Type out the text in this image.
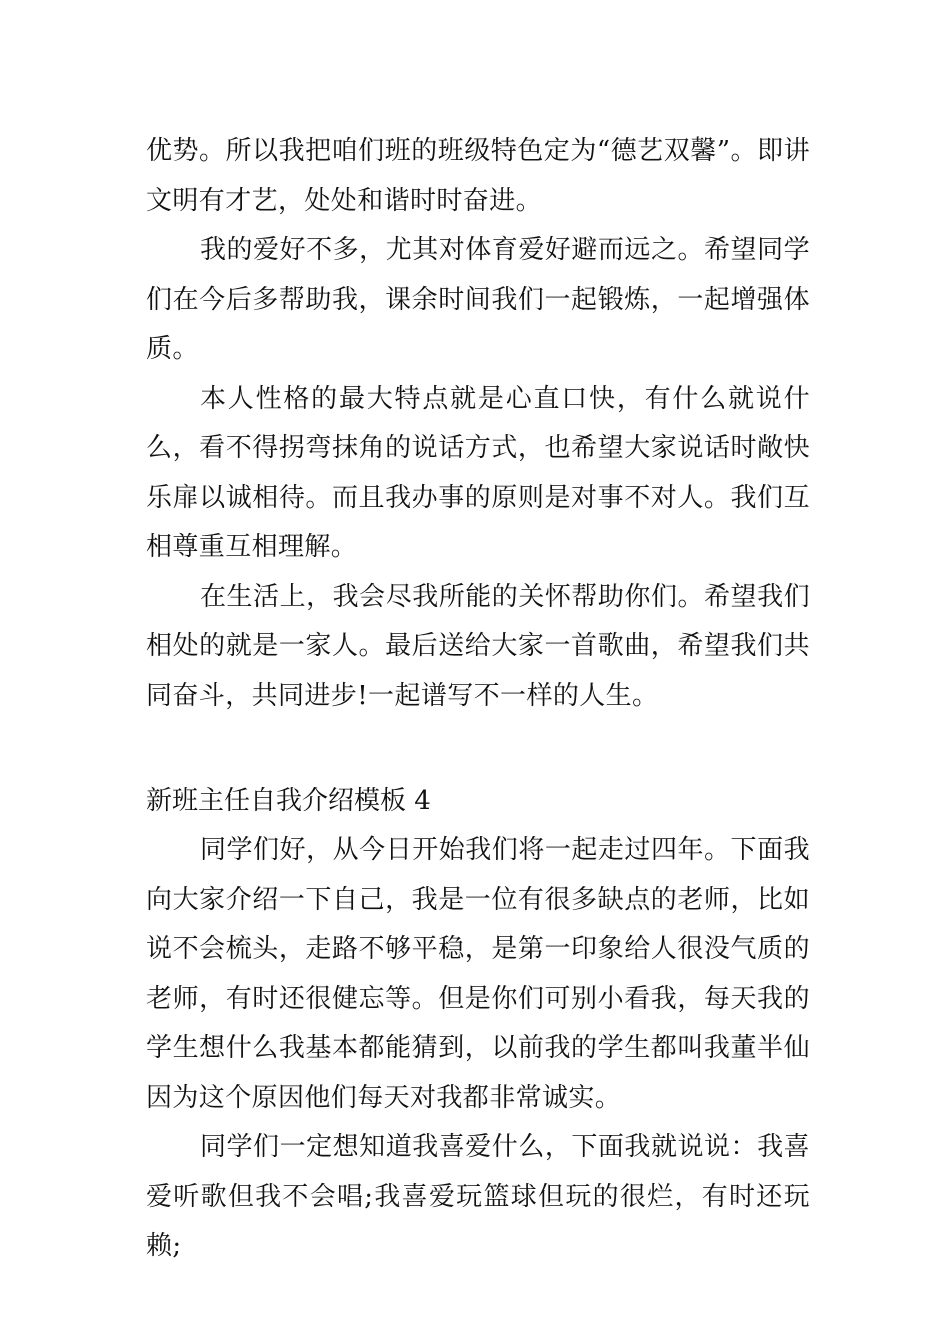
优势。所以我把咱们班的班级特色定为“德艺双馨”。即讲文明有才艺，处处和谐时时奋进。

我的爱好不多，尤其对体育爱好避而远之。希望同学们在今后多帮助我，课余时间我们一起锻炼，一起增强体质。

本人性格的最大特点就是心直口快，有什么就说什么，看不得拐弯抹角的说话方式，也希望大家说话时敞快乐扉以诚相待。而且我办事的原则是对事不对人。我们互相尊重互相理解。

在生活上，我会尽我所能的关怀帮助你们。希望我们相处的就是一家人。最后送给大家一首歌曲，希望我们共同奋斗，共同进步!一起谱写不一样的人生。

新班主任自我介绍模板 4

同学们好，从今日开始我们将一起走过四年。下面我向大家介绍一下自己，我是一位有很多缺点的老师，比如说不会梳头，走路不够平稳，是第一印象给人很没气质的老师，有时还很健忘等。但是你们可别小看我，每天我的学生想什么我基本都能猜到，以前我的学生都叫我董半仙因为这个原因他们每天对我都非常诚实。

同学们一定想知道我喜爱什么，下面我就说说：我喜爱听歌但我不会唱;我喜爱玩篮球但玩的很烂，有时还玩赖;
